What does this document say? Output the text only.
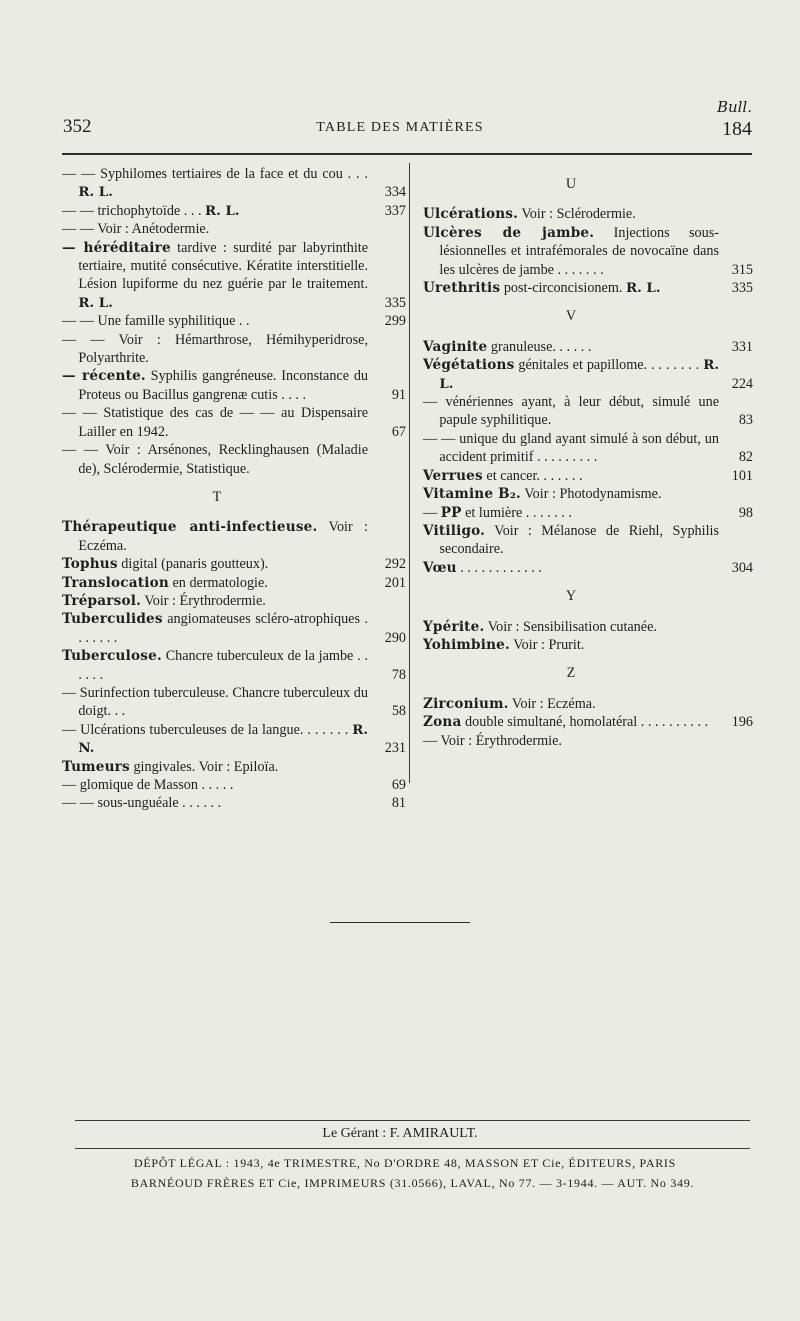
352	TABLE DES MATIÈRES
Bull.
184
— — Syphilomes tertiaires de la face et du cou . . . R. L.	334
— — trichophytoïde . . . R. L.	337
— — Voir : Anétodermie.
— héréditaire tardive : surdité par labyrinthite tertiaire, mutité consécutive. Kératite interstitielle. Lésion lupiforme du nez guérie par le traitement. R. L.	335
— — Une famille syphilitique . .	299
— — Voir : Hémarthrose, Hémihyperidrose, Polyarthrite.
— récente. Syphilis gangréneuse. Inconstance du Proteus ou Bacillus gangrenæ cutis . . . .	91
— — Statistique des cas de — — au Dispensaire Lailler en 1942.	67
— — Voir : Arsénones, Recklinghausen (Maladie de), Sclérodermie, Statistique.
T
Thérapeutique anti-infectieuse. Voir : Eczéma.
Tophus digital (panaris goutteux).	292
Translocation en dermatologie.	201
Tréparsol. Voir : Érythrodermie.
Tuberculides angiomateuses scléro-atrophiques . . . . . . .	290
Tuberculose. Chancre tuberculeux de la jambe . . . . . .	78
— Surinfection tuberculeuse. Chancre tuberculeux du doigt. . .	58
— Ulcérations tuberculeuses de la langue. . . . . . . R. N.	231
Tumeurs gingivales. Voir : Epiloïa.
— glomique de Masson . . . . .	69
— — sous-unguéale . . . . . .	81
U
Ulcérations. Voir : Sclérodermie.
Ulcères de jambe. Injections sous-lésionnelles et intrafémorales de novocaïne dans les ulcères de jambe . . . . . . .	315
Urethritis post-circoncisionem. R. L.	335
V
Vaginite granuleuse. . . . . .	331
Végétations génitales et papillome. . . . . . . . R. L.	224
— vénériennes ayant, à leur début, simulé une papule syphilitique.	83
— — unique du gland ayant simulé à son début, un accident primitif . . . . . . . . .	82
Verrues et cancer. . . . . . .	101
Vitamine B₂. Voir : Photodynamisme.
— PP et lumière . . . . . . .	98
Vitiligo. Voir : Mélanose de Riehl, Syphilis secondaire.
Vœu . . . . . . . . . . . .	304
Y
Ypérite. Voir : Sensibilisation cutanée.
Yohimbine. Voir : Prurit.
Z
Zirconium. Voir : Eczéma.
Zona double simultané, homolatéral . . . . . . . . . .	196
— Voir : Érythrodermie.
Le Gérant : F. AMIRAULT.
DÉPÔT LÉGAL : 1943, 4e TRIMESTRE, No D'ORDRE 48, MASSON ET Cie, ÉDITEURS, PARIS
BARNÉOUD FRÈRES ET Cie, IMPRIMEURS (31.0566), LAVAL, No 77. — 3-1944. — AUT. No 349.
